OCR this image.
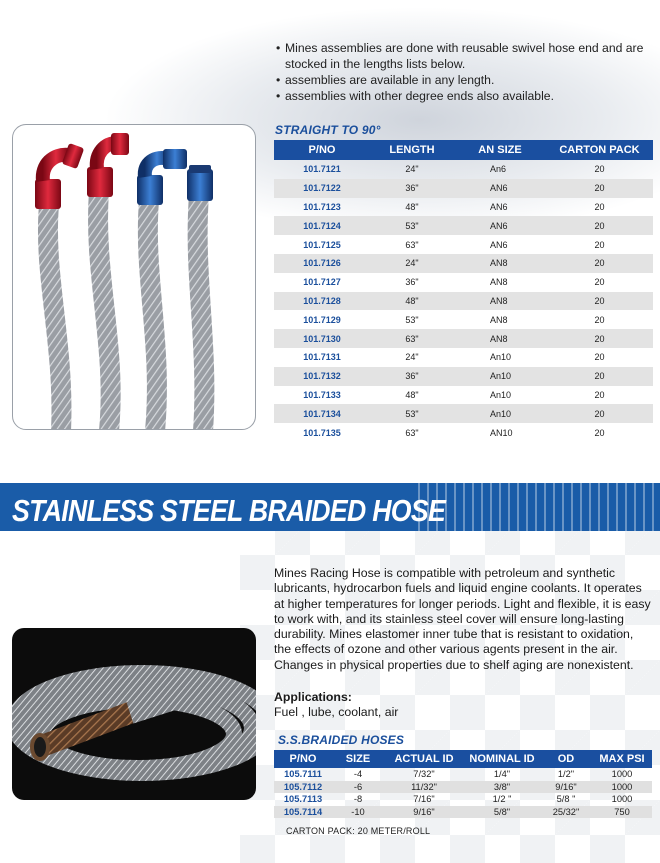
• Mines assemblies are done with reusable swivel hose end and are stocked in the lengths lists below.
• assemblies are available in any length.
• assemblies with other degree ends also available.
STRAIGHT TO 90°
P/NO	LENGTH	AN SIZE	CARTON PACK
101.7121	24"	An6	20
101.7122	36"	AN6	20
101.7123	48"	AN6	20
101.7124	53"	AN6	20
101.7125	63"	AN6	20
101.7126	24"	AN8	20
101.7127	36"	AN8	20
101.7128	48"	AN8	20
101.7129	53"	AN8	20
101.7130	63"	AN8	20
101.7131	24"	An10	20
101.7132	36"	An10	20
101.7133	48"	An10	20
101.7134	53"	An10	20
101.7135	63"	AN10	20
STAINLESS STEEL BRAIDED HOSE

Mines Racing Hose is compatible with petroleum and synthetic lubricants, hydrocarbon fuels and liquid engine coolants. It operates at higher temperatures for longer periods. Light and flexible, it is easy to work with, and its stainless steel cover will ensure long-lasting durability. Mines elastomer inner tube that is resistant to oxidation, the effects of ozone and other various agents present in the air. Changes in physical properties due to shelf aging are nonexistent.

Applications:
Fuel , lube, coolant, air
S.S.BRAIDED HOSES
P/NO	SIZE	ACTUAL ID	NOMINAL ID	OD	MAX PSI
105.7111	-4	7/32"	1/4"	1/2"	1000
105.7112	-6	11/32"	3/8"	9/16"	1000
105.7113	-8	7/16"	1/2 "	5/8 "	1000
105.7114	-10	9/16"	5/8"	25/32"	750
CARTON PACK: 20 METER/ROLL
